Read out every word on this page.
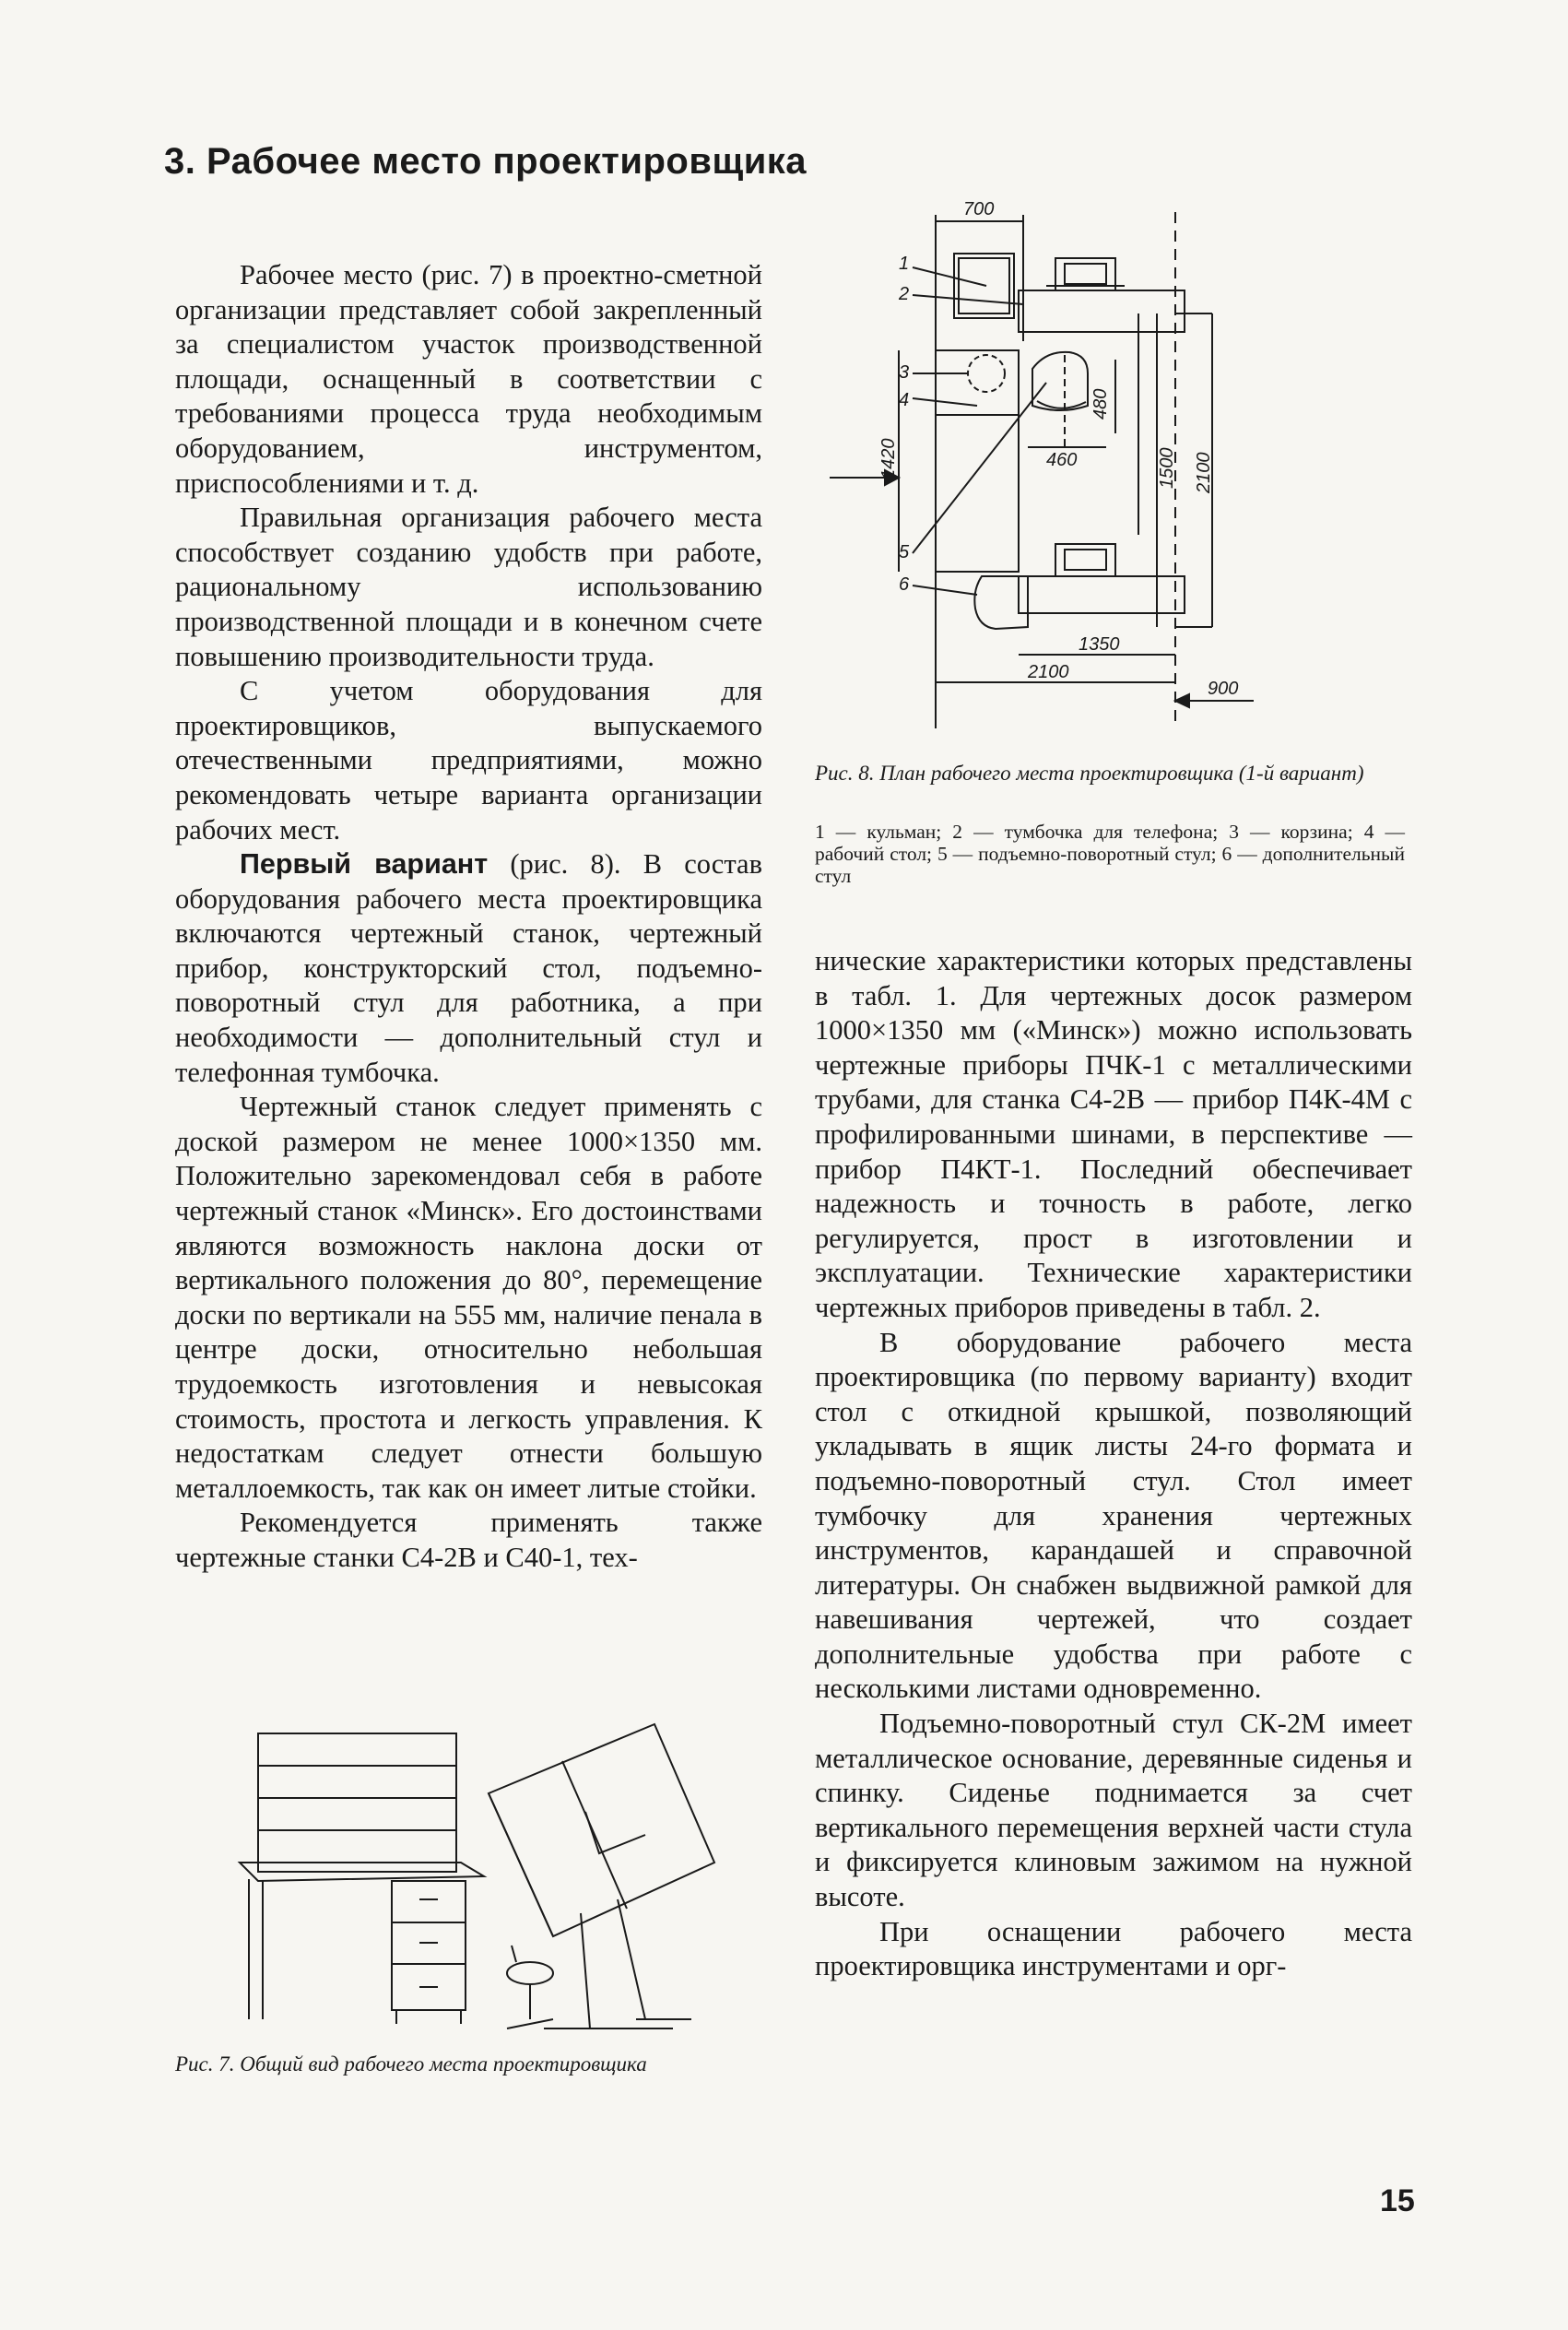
3. Рабочее место проектировщика

Рабочее место (рис. 7) в проектно-сметной организации представляет собой закрепленный за специалистом участок производственной площади, оснащенный в соответствии с требованиями процесса труда необходимым оборудованием, инструментом, приспособлениями и т. д.

Правильная организация рабочего места способствует созданию удобств при работе, рациональному использованию производственной площади и в конечном счете повышению производительности труда.

С учетом оборудования для проектировщиков, выпускаемого отечественными предприятиями, можно рекомендовать четыре варианта организации рабочих мест.

Первый вариант (рис. 8). В состав оборудования рабочего места проектировщика включаются чертежный станок, чертежный прибор, конструкторский стол, подъемно-поворотный стул для работника, а при необходимости — дополнительный стул и телефонная тумбочка.

Чертежный станок следует применять с доской размером не менее 1000×1350 мм. Положительно зарекомендовал себя в работе чертежный станок «Минск». Его достоинствами являются возможность наклона доски от вертикального положения до 80°, перемещение доски по вертикали на 555 мм, наличие пенала в центре доски, относительно небольшая трудоемкость изготовления и невысокая стоимость, простота и легкость управления. К недостаткам следует отнести большую металлоемкость, так как он имеет литые стойки.

Рекомендуется применять также чертежные станки С4-2В и С40-1, тех-

1
2
3
4
5
6
700
460
1350
2100
900
1420
480
1500 2100
Рис. 8. План рабочего места проектировщика (1-й вариант)
1 — кульман; 2 — тумбочка для телефона; 3 — корзина; 4 — рабочий стол; 5 — подъемно-поворотный стул; 6 — дополнительный стул

нические характеристики которых представлены в табл. 1. Для чертежных досок размером 1000×1350 мм («Минск») можно использовать чертежные приборы ПЧК-1 с металлическими трубами, для станка С4-2В — прибор П4К-4М с профилированными шинами, в перспективе — прибор П4КТ-1. Последний обеспечивает надежность и точность в работе, легко регулируется, прост в изготовлении и эксплуатации. Технические характеристики чертежных приборов приведены в табл. 2.

В оборудование рабочего места проектировщика (по первому варианту) входит стол с откидной крышкой, позволяющий укладывать в ящик листы 24-го формата и подъемно-поворотный стул. Стол имеет тумбочку для хранения чертежных инструментов, карандашей и справочной литературы. Он снабжен выдвижной рамкой для навешивания чертежей, что создает дополнительные удобства при работе с несколькими листами одновременно.

Подъемно-поворотный стул СК-2М имеет металлическое основание, деревянные сиденья и спинку. Сиденье поднимается за счет вертикального перемещения верхней части стула и фиксируется клиновым зажимом на нужной высоте.

При оснащении рабочего места проектировщика инструментами и орг-

Рис. 7. Общий вид рабочего места проектировщика
15
